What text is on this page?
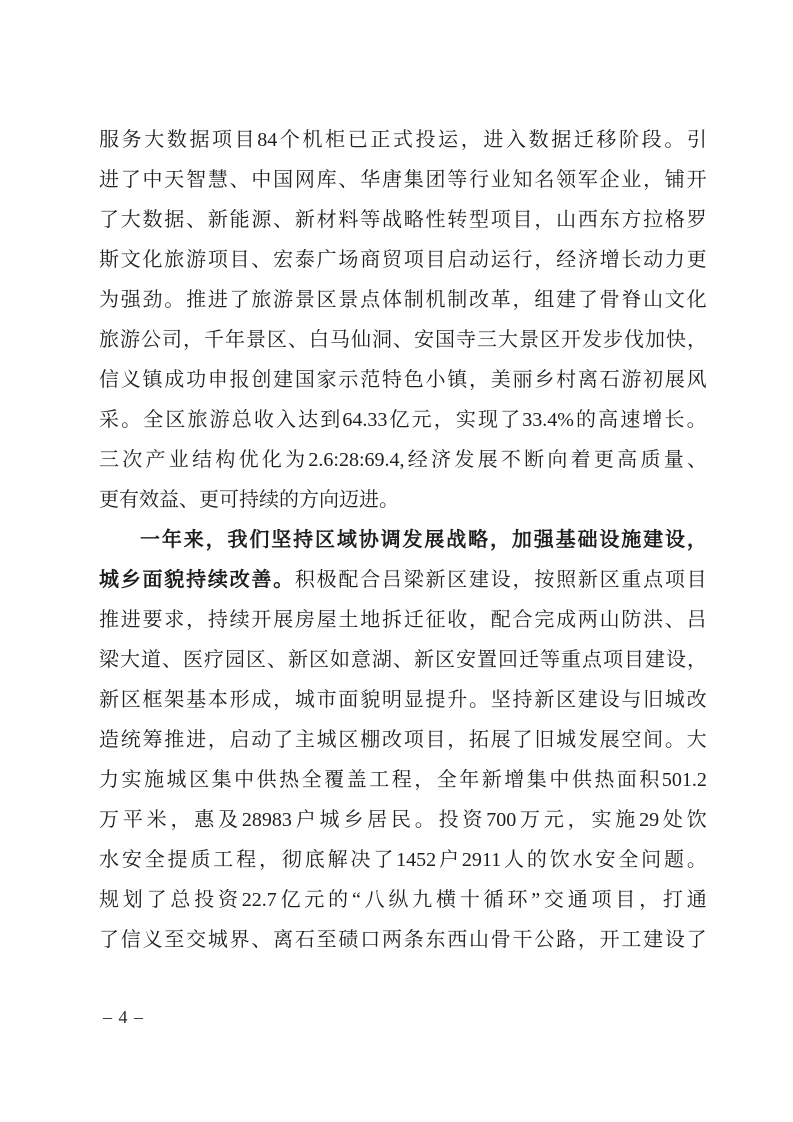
服 务 大 数 据 项 目 84 个 机 柜 已 正 式 投 运 ， 进 入 数 据 迁 移 阶 段 。 引
进 了 中 天 智 慧 、 中 国 网 库 、 华 唐 集 团 等 行 业 知 名 领 军 企 业 ， 铺 开
了 大 数 据 、 新 能 源 、 新 材 料 等 战 略 性 转 型 项 目 ， 山 西 东 方 拉 格 罗
斯 文 化 旅 游 项 目 、 宏 泰 广 场 商 贸 项 目 启 动 运 行 ， 经 济 增 长 动 力 更
为 强 劲 。 推 进 了 旅 游 景 区 景 点 体 制 机 制 改 革 ， 组 建 了 骨 脊 山 文 化
旅 游 公 司 ， 千 年 景 区 、 白 马 仙 洞 、 安 国 寺 三 大 景 区 开 发 步 伐 加 快 ，
信 义 镇 成 功 申 报 创 建 国 家 示 范 特 色 小 镇 ， 美 丽 乡 村 离 石 游 初 展 风
采 。 全 区 旅 游 总 收 入 达 到 64.33 亿 元 ， 实 现 了 33.4% 的 高 速 增 长 。
三 次 产 业 结 构 优 化 为 2.6:28:69.4, 经 济 发 展 不 断 向 着 更 高 质 量 、
更 有 效 益 、 更 可 持 续 的 方 向 迈 进 。
一 年 来 ， 我 们 坚 持 区 域 协 调 发 展 战 略 ， 加 强 基 础 设 施 建 设 ，
城 乡 面 貌 持 续 改 善 。 积 极 配 合 吕 梁 新 区 建 设 ， 按 照 新 区 重 点 项 目
推 进 要 求 ， 持 续 开 展 房 屋 土 地 拆 迁 征 收 ， 配 合 完 成 两 山 防 洪 、 吕
梁 大 道 、 医 疗 园 区 、 新 区 如 意 湖 、 新 区 安 置 回 迁 等 重 点 项 目 建 设 ，
新 区 框 架 基 本 形 成 ， 城 市 面 貌 明 显 提 升 。 坚 持 新 区 建 设 与 旧 城 改
造 统 筹 推 进 ， 启 动 了 主 城 区 棚 改 项 目 ， 拓 展 了 旧 城 发 展 空 间 。 大
力 实 施 城 区 集 中 供 热 全 覆 盖 工 程 ， 全 年 新 增 集 中 供 热 面 积 501.2
万 平 米 ， 惠 及 28983 户 城 乡 居 民 。 投 资 700 万 元 ， 实 施 29 处 饮
水 安 全 提 质 工 程 ， 彻 底 解 决 了 1452 户 2911 人 的 饮 水 安 全 问 题 。
规 划 了 总 投 资 22.7 亿 元 的 “ 八 纵 九 横 十 循 环 ” 交 通 项 目 ， 打 通
了 信 义 至 交 城 界 、 离 石 至 碛 口 两 条 东 西 山 骨 干 公 路 ， 开 工 建 设 了
– 4 –
